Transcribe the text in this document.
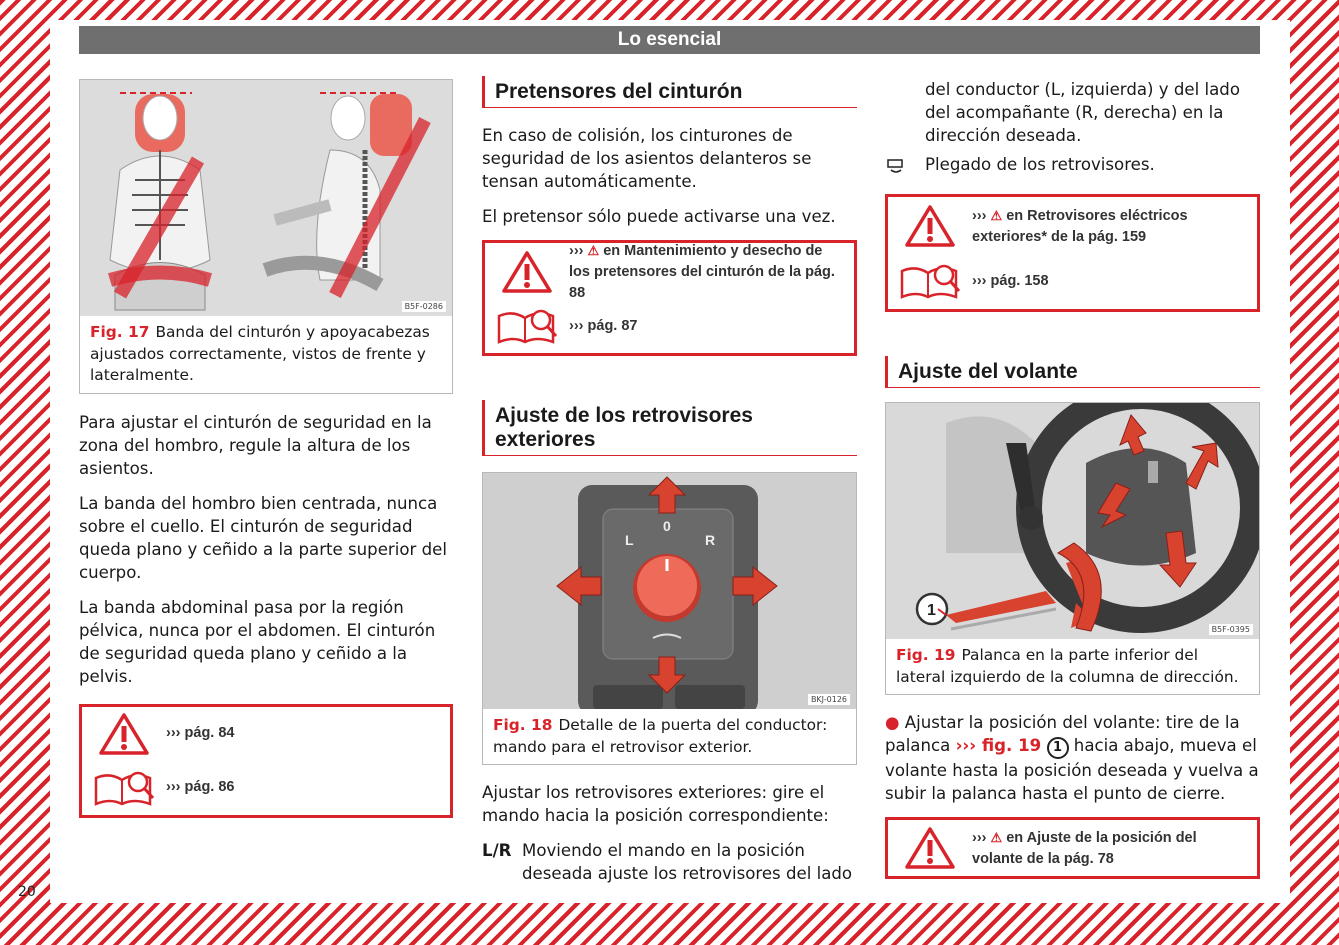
Lo esencial
B5F-0286
Fig. 17 Banda del cinturón y apoyacabezas ajustados correctamente, vistos de frente y lateralmente.

Para ajustar el cinturón de seguridad en la zona del hombro, regule la altura de los asientos.

La banda del hombro bien centrada, nunca sobre el cuello. El cinturón de seguridad queda plano y ceñido a la parte superior del cuerpo.

La banda abdominal pasa por la región pélvica, nunca por el abdomen. El cinturón de seguridad queda plano y ceñido a la pelvis.

››› pág. 84
››› pág. 86
Pretensores del cinturón

En caso de colisión, los cinturones de seguridad de los asientos delanteros se tensan automáticamente.

El pretensor sólo puede activarse una vez.

››› ⚠ en Mantenimiento y desecho de los pretensores del cinturón de la pág. 88
››› pág. 87
Ajuste de los retrovisores exteriores
L
0
R
BKJ-0126
Fig. 18 Detalle de la puerta del conductor: mando para el retrovisor exterior.

Ajustar los retrovisores exteriores: gire el mando hacia la posición correspondiente:

L/R Moviendo el mando en la posición deseada ajuste los retrovisores del lado

del conductor (L, izquierda) y del lado del acompañante (R, derecha) en la dirección deseada.

Plegado de los retrovisores.
››› ⚠ en Retrovisores eléctricos exteriores* de la pág. 159
››› pág. 158
Ajuste del volante
1
B5F-0395
Fig. 19 Palanca en la parte inferior del lateral izquierdo de la columna de dirección.

● Ajustar la posición del volante: tire de la palanca ››› fig. 19 1 hacia abajo, mueva el volante hasta la posición deseada y vuelva a subir la palanca hasta el punto de cierre.

››› ⚠ en Ajuste de la posición del volante de la pág. 78
20
